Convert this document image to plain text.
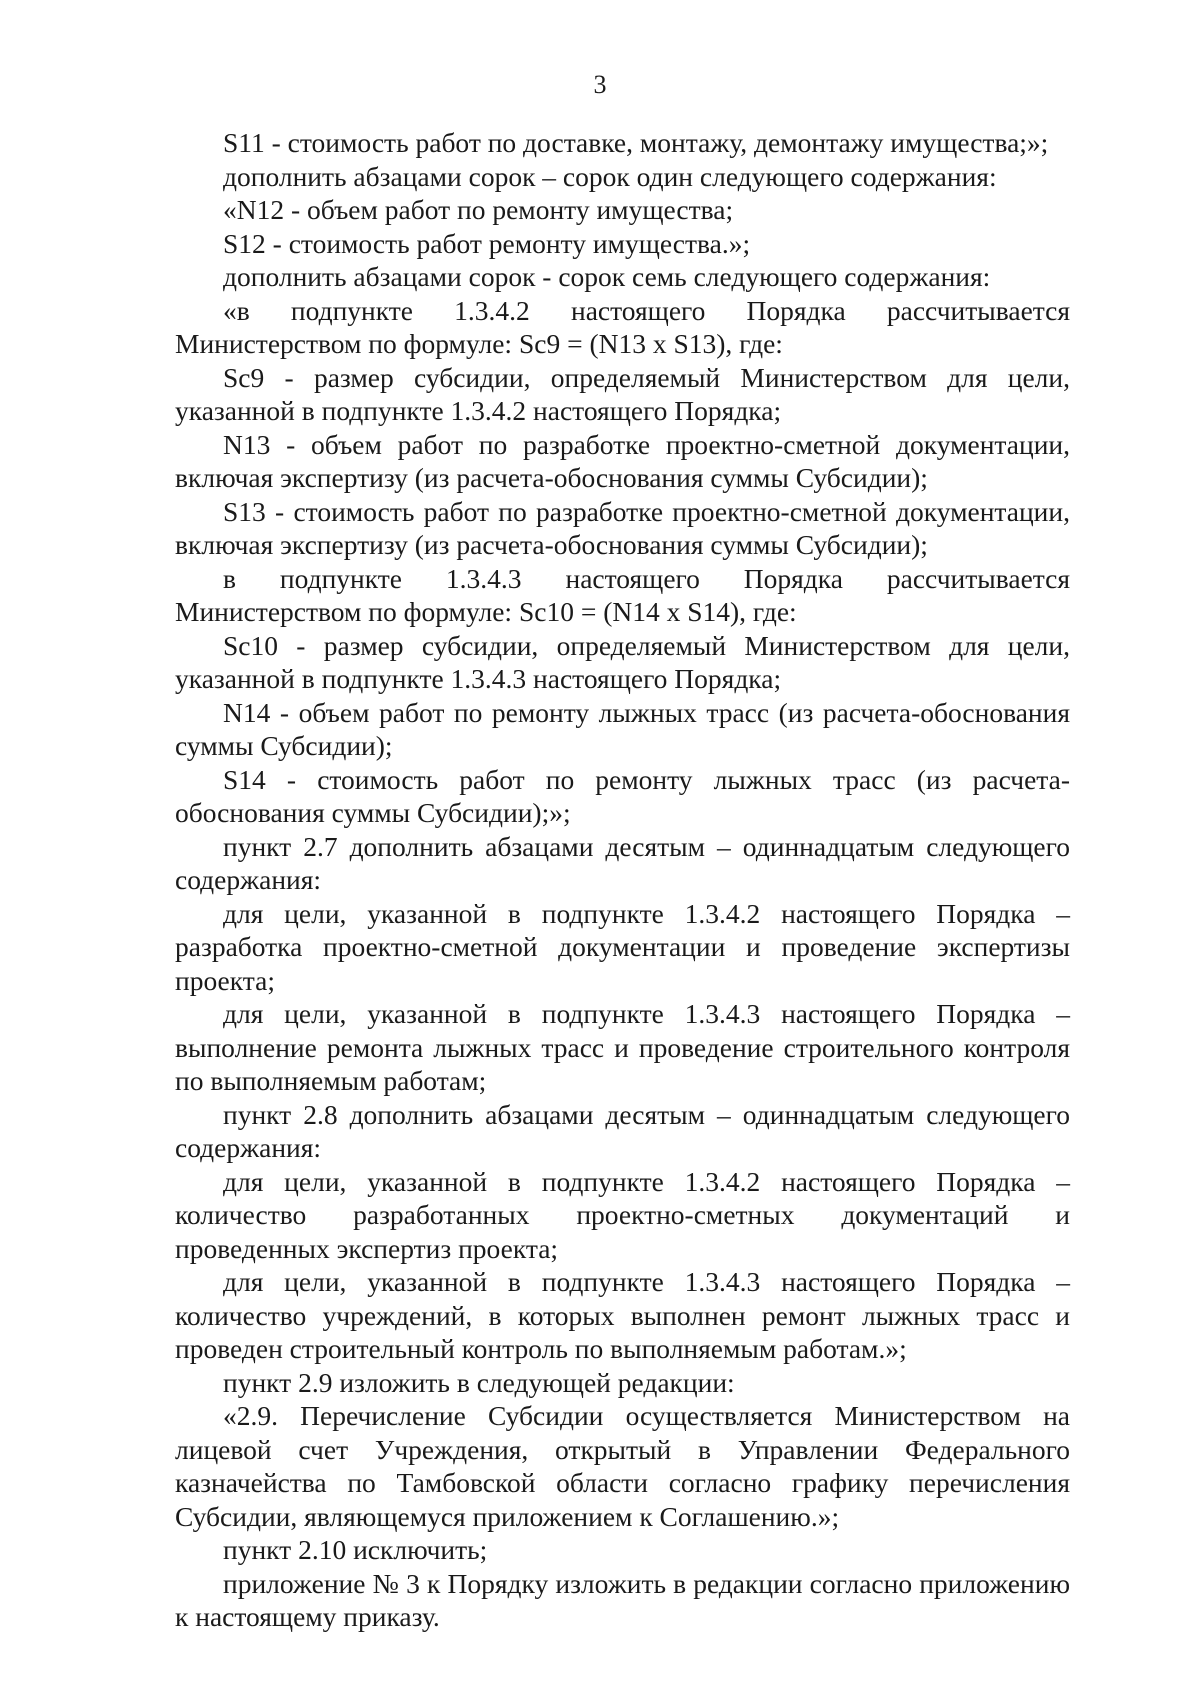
3

S11 - стоимость работ по доставке, монтажу, демонтажу имущества;»;

дополнить абзацами сорок – сорок один следующего содержания:

«N12 - объем работ по ремонту имущества;

S12 - стоимость работ ремонту имущества.»;

дополнить абзацами сорок - сорок семь следующего содержания:

«в подпункте 1.3.4.2 настоящего Порядка рассчитывается Министерством по формуле: Sc9 = (N13 x S13), где:

Sc9 - размер субсидии, определяемый Министерством для цели, указанной в подпункте 1.3.4.2 настоящего Порядка;

N13 - объем работ по разработке проектно-сметной документации, включая экспертизу (из расчета-обоснования суммы Субсидии);

S13 - стоимость работ по разработке проектно-сметной документации, включая экспертизу (из расчета-обоснования суммы Субсидии);

в подпункте 1.3.4.3 настоящего Порядка рассчитывается Министерством по формуле: Sc10 = (N14 x S14), где:

Sc10 - размер субсидии, определяемый Министерством для цели, указанной в подпункте 1.3.4.3 настоящего Порядка;

N14 - объем работ по ремонту лыжных трасс (из расчета-обоснования суммы Субсидии);

S14 - стоимость работ по ремонту лыжных трасс (из расчета-обоснования суммы Субсидии);»;

пункт 2.7 дополнить абзацами десятым – одиннадцатым следующего содержания:

для цели, указанной в подпункте 1.3.4.2 настоящего Порядка – разработка проектно-сметной документации и проведение экспертизы проекта;

для цели, указанной в подпункте 1.3.4.3 настоящего Порядка – выполнение ремонта лыжных трасс и проведение строительного контроля по выполняемым работам;

пункт 2.8 дополнить абзацами десятым – одиннадцатым следующего содержания:

для цели, указанной в подпункте 1.3.4.2 настоящего Порядка – количество разработанных проектно-сметных документаций и проведенных экспертиз проекта;

для цели, указанной в подпункте 1.3.4.3 настоящего Порядка – количество учреждений, в которых выполнен ремонт лыжных трасс и проведен строительный контроль по выполняемым работам.»;

пункт 2.9 изложить в следующей редакции:

«2.9. Перечисление Субсидии осуществляется Министерством на лицевой счет Учреждения, открытый в Управлении Федерального казначейства по Тамбовской области согласно графику перечисления Субсидии, являющемуся приложением к Соглашению.»;

пункт 2.10 исключить;

приложение № 3 к Порядку изложить в редакции согласно приложению к настоящему приказу.
